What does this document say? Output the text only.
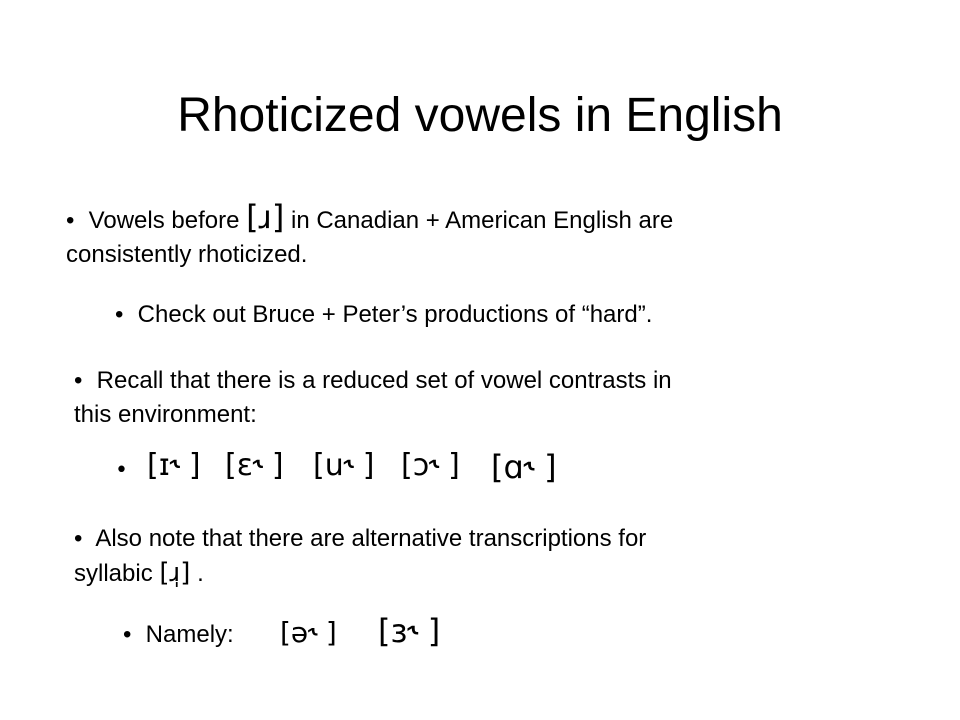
Rhoticized vowels in English
• Vowels before [ɹ] in Canadian + American English are
consistently rhoticized.
• Check out Bruce + Peter’s productions of “hard”.
• Recall that there is a reduced set of vowel contrasts in
this environment:
• [ɪ˞ ] [ɛ˞ ] [u˞ ] [ɔ˞ ] [ɑ˞ ]
• Also note that there are alternative transcriptions for
syllabic [ɹ̩] .
• Namely: [ə˞ ] [ɜ˞ ]
